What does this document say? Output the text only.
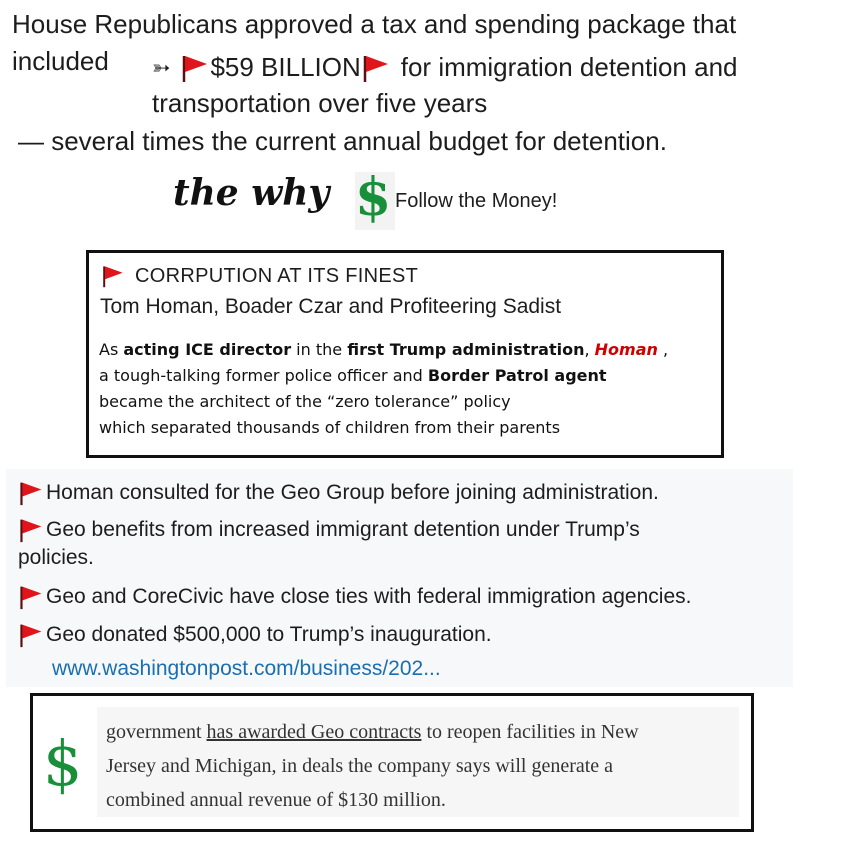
House Republicans approved a tax and spending package that
included ➳ $59 BILLION for immigration detention and
transportation over five years
— several times the current annual budget for detention.
the why $ Follow the Money!
CORRPUTION AT ITS FINEST
Tom Homan, Boader Czar and Profiteering Sadist
As acting ICE director in the first Trump administration, Homan ,
a tough-talking former police officer and Border Patrol agent
became the architect of the “zero tolerance” policy
which separated thousands of children from their parents
Homan consulted for the Geo Group before joining administration.
Geo benefits from increased immigrant detention under Trump’s
policies.
Geo and CoreCivic have close ties with federal immigration agencies.
Geo donated $500,000 to Trump’s inauguration.
www.washingtonpost.com/business/202...
$ government has awarded Geo contracts to reopen facilities in New
Jersey and Michigan, in deals the company says will generate a
combined annual revenue of $130 million.
